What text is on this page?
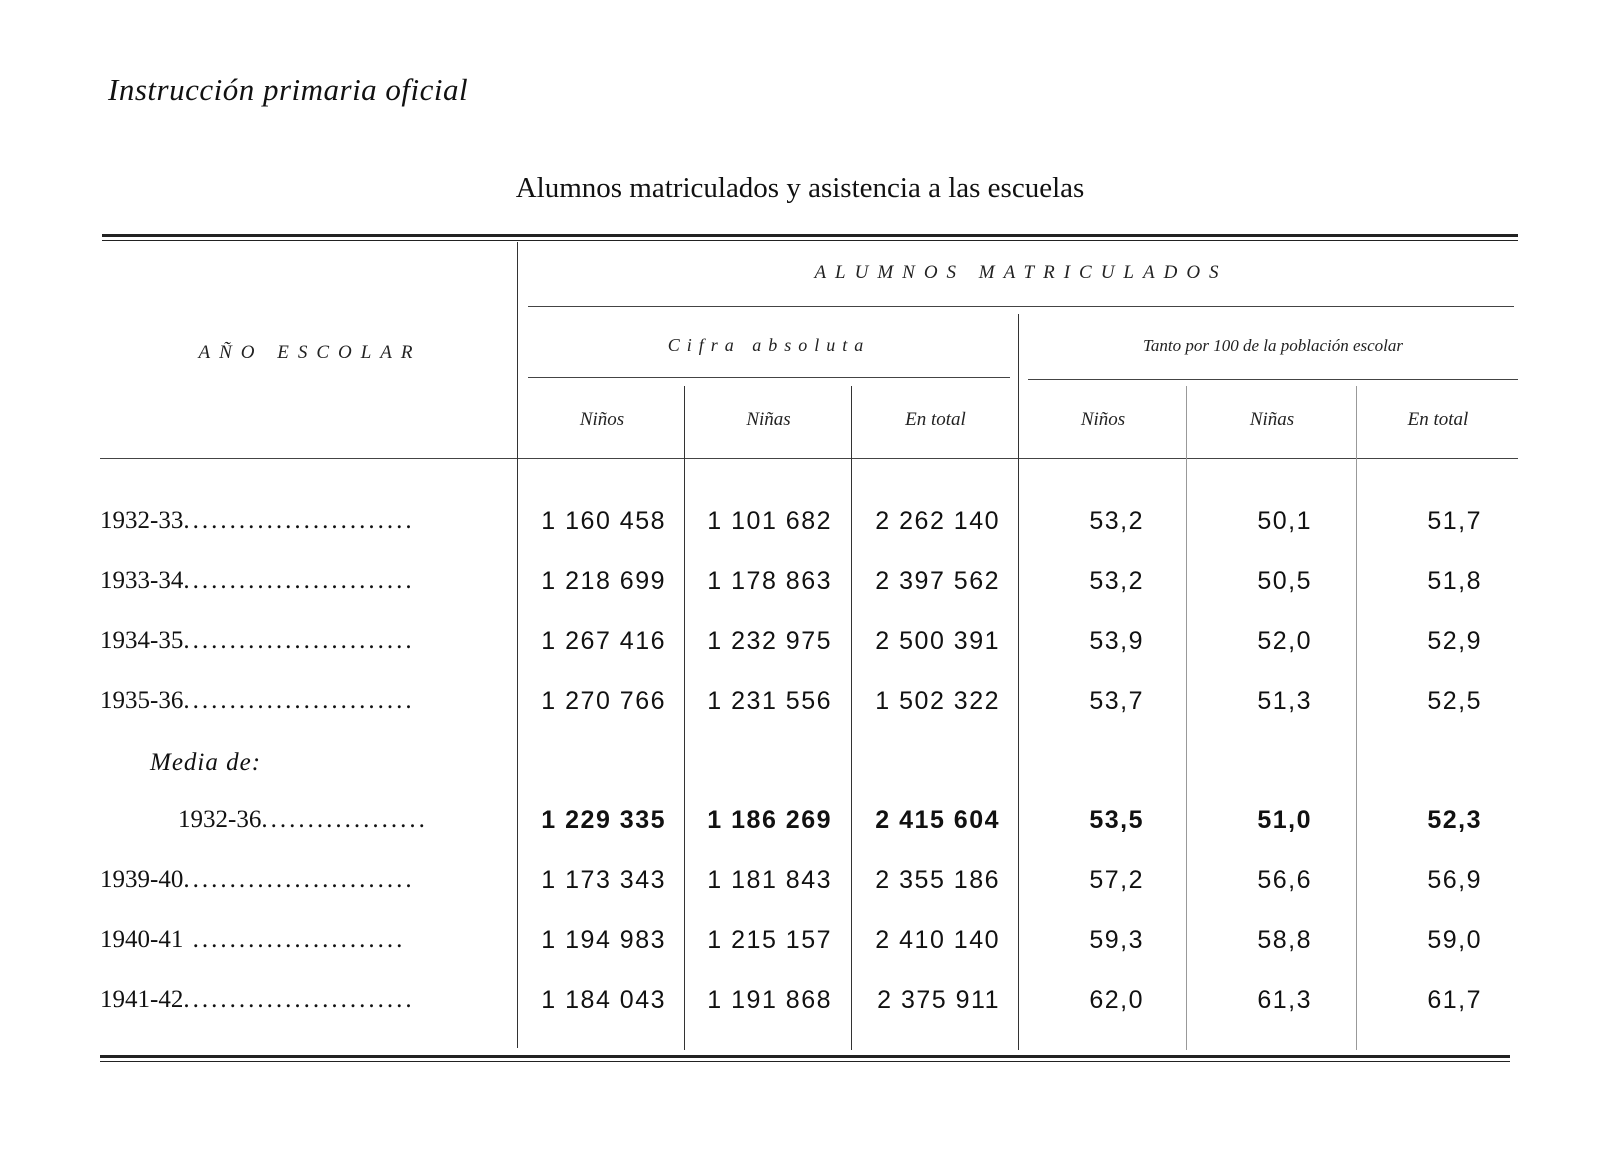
Instrucción primaria oficial
Alumnos matriculados y asistencia a las escuelas
AÑO ESCOLAR
ALUMNOS MATRICULADOS
Cifra absoluta	Tanto por 100 de la población escolar
Niños	Niñas	En total	Niños	Niñas	En total
1932-33.........................	1 160 458	1 101 682	2 262 140	53,2	50,1	51,7
1933-34.........................	1 218 699	1 178 863	2 397 562	53,2	50,5	51,8
1934-35.........................	1 267 416	1 232 975	2 500 391	53,9	52,0	52,9
1935-36.........................	1 270 766	1 231 556	1 502 322	53,7	51,3	52,5
Media de:
1932-36..................	1 229 335	1 186 269	2 415 604	53,5	51,0	52,3
1939-40.........................	1 173 343	1 181 843	2 355 186	57,2	56,6	56,9
1940-41 .......................	1 194 983	1 215 157	2 410 140	59,3	58,8	59,0
1941-42.........................	1 184 043	1 191 868	2 375 911	62,0	61,3	61,7
